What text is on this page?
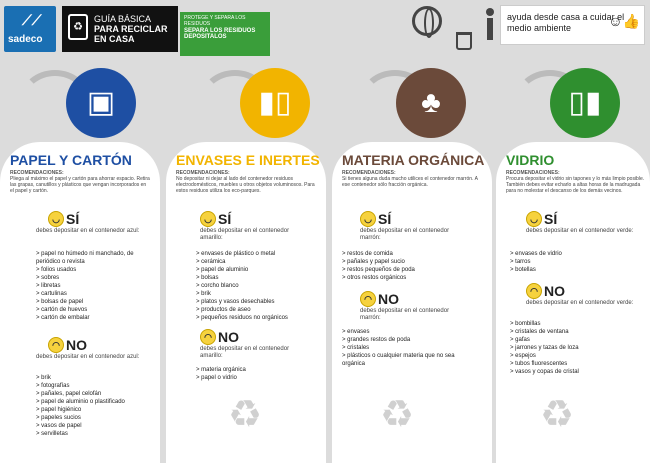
⟋⟋
sadeco
♻
GUÍA BÁSICA
PARA RECICLAR EN CASA
PROTEGE Y SEPARA LOS RESIDUOS
SEPARA LOS RESIDUOS DEPOSITALOS
ayuda desde casa a cuidar el medio ambiente	☺👍
▣	▮▯	♣	▯▮
PAPEL Y CARTÓN
RECOMENDACIONES:
Pliega al máximo el papel y cartón para ahorrar espacio. Retira las grapas, canutillos y plásticos que vengan incorporados en el papel y cartón.
◡ SÍ
debes depositar en el contenedor azul:
> papel no húmedo ni manchado, de periódico o revista
> folios usados
> sobres
> libretas
> cartulinas
> bolsas de papel
> cartón de huevos
> cartón de embalar
◠ NO
debes depositar en el contenedor azul:
> brik
> fotografías
> pañales, papel celofán
> papel de aluminio o plastificado
> papel higiénico
> papeles sucios
> vasos de papel
> servilletas
ENVASES E INERTES
RECOMENDACIONES:
No depositar ni dejar al lado del contenedor residuos electrodomésticos, muebles u otros objetos voluminosos. Para estos residuos utiliza los eco-parques.
◡ SÍ
debes depositar en el contenedor amarillo:
> envases de plástico o metal
> cerámica
> papel de aluminio
> bolsas
> corcho blanco
> brik
> platos y vasos desechables
> productos de aseo
> pequeños residuos no orgánicos
◠ NO
debes depositar en el contenedor amarillo:
> materia orgánica
> papel o vidrio
♻
MATERIA ORGÁNICA
RECOMENDACIONES:
Si tienes alguna duda mucho utilices el contenedor marrón. A ese contenedor sólo fracción orgánica.
◡ SÍ
debes depositar en el contenedor marrón:
> restos de comida
> pañales y papel sucio
> restos pequeños de poda
> otros restos orgánicos
◠ NO
debes depositar en el contenedor marrón:
> envases
> grandes restos de poda
> cristales
> plásticos o cualquier materia que no sea orgánica
♻
VIDRIO
RECOMENDACIONES:
Procura depositar el vidrio sin tapones y lo más limpio posible. También debes evitar echarlo a altas horas de la madrugada para no molestar el descanso de los demás vecinos.
◡ SÍ
debes depositar en el contenedor verde:
> envases de vidrio
> tarros
> botellas
◠ NO
debes depositar en el contenedor verde:
> bombillas
> cristales de ventana
> gafas
> jarrones y tazas de loza
> espejos
> tubos fluorescentes
> vasos y copas de cristal
♻
